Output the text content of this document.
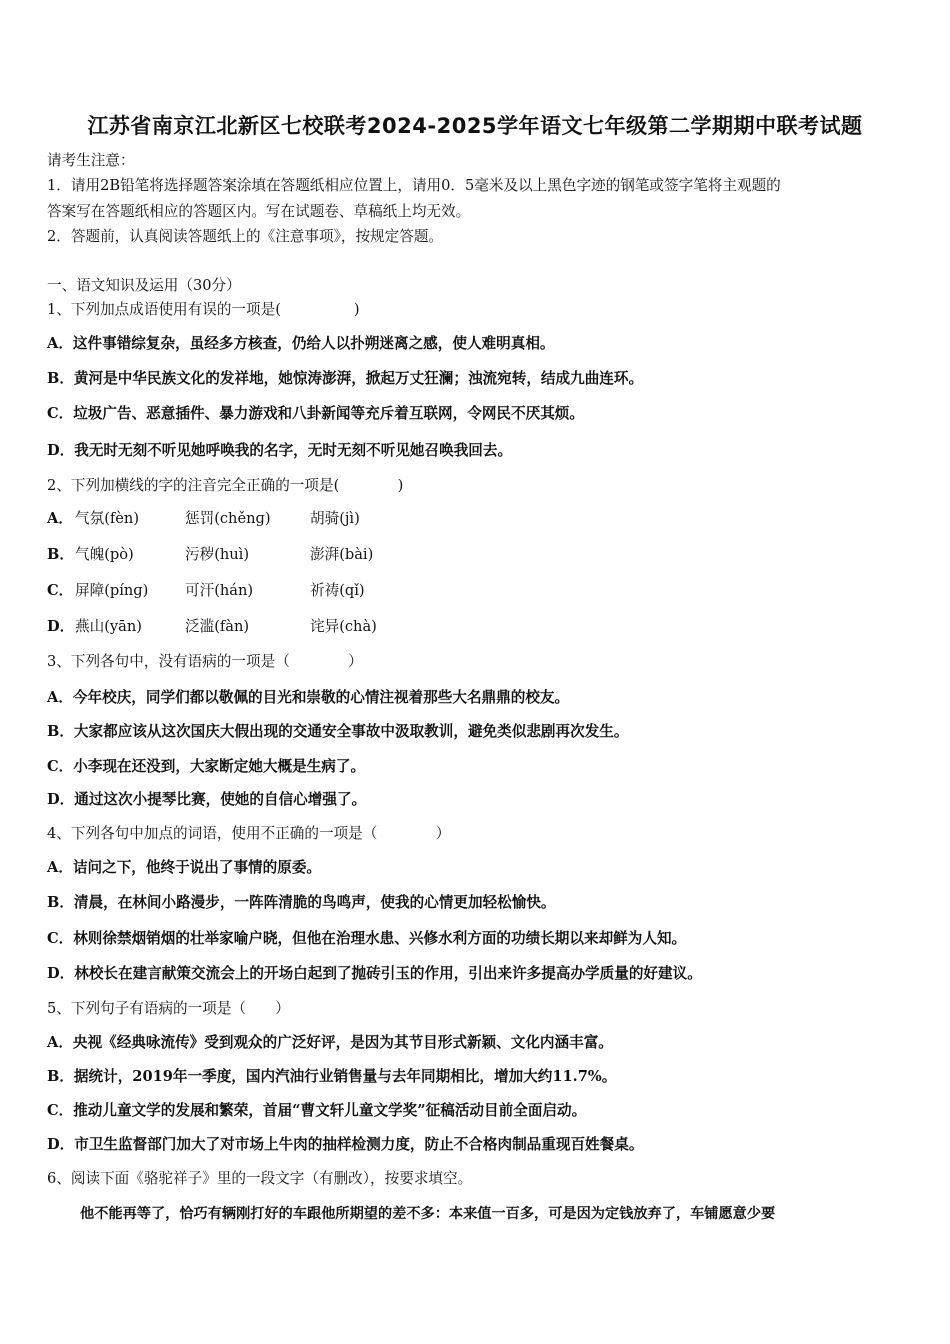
江苏省南京江北新区七校联考2024-2025学年语文七年级第二学期期中联考试题
请考生注意：
1．请用2B铅笔将选择题答案涂填在答题纸相应位置上，请用0．5毫米及以上黑色字迹的钢笔或签字笔将主观题的
答案写在答题纸相应的答题区内。写在试题卷、草稿纸上均无效。
2．答题前，认真阅读答题纸上的《注意事项》，按规定答题。
一、语文知识及运用（30分）
1、下列加点成语使用有误的一项是(　　　　　)
A．这件事错综复杂，虽经多方核查，仍给人以扑朔迷离之感，使人难明真相。
B．黄河是中华民族文化的发祥地，她惊涛澎湃，掀起万丈狂澜；浊流宛转，结成九曲连环。
C．垃圾广告、恶意插件、暴力游戏和八卦新闻等充斥着互联网，令网民不厌其烦。
D．我无时无刻不听见她呼唤我的名字，无时无刻不听见她召唤我回去。
2、下列加横线的字的注音完全正确的一项是(　　　　)
A． 气氛(fèn)	惩罚(chěnɡ)	胡骑(jì)
B．气魄(pò)	污秽(huì)	澎湃(bài)
C． 屏障(pínɡ)	可汗(hán)	祈祷(qǐ)
D．燕山(yān)	泛滥(fàn)	诧异(chà)
3、下列各句中，没有语病的一项是（　　　　）
A．今年校庆，同学们都以敬佩的目光和崇敬的心情注视着那些大名鼎鼎的校友。
B．大家都应该从这次国庆大假出现的交通安全事故中汲取教训，避免类似悲剧再次发生。
C．小李现在还没到，大家断定她大概是生病了。
D．通过这次小提琴比赛，使她的自信心增强了。
4、下列各句中加点的词语，使用不正确的一项是（　　　　）
A．诘问之下，他终于说出了事情的原委。
B．清晨，在林间小路漫步，一阵阵清脆的鸟鸣声，使我的心情更加轻松愉快。
C．林则徐禁烟销烟的壮举家喻户晓，但他在治理水患、兴修水利方面的功绩长期以来却鲜为人知。
D．林校长在建言献策交流会上的开场白起到了抛砖引玉的作用，引出来许多提高办学质量的好建议。
5、下列句子有语病的一项是（　　）
A．央视《经典咏流传》受到观众的广泛好评，是因为其节目形式新颖、文化内涵丰富。
B．据统计，2019年一季度，国内汽油行业销售量与去年同期相比，增加大约11.7%。
C．推动儿童文学的发展和繁荣，首届“曹文轩儿童文学奖”征稿活动目前全面启动。
D．市卫生监督部门加大了对市场上牛肉的抽样检测力度，防止不合格肉制品重现百姓餐桌。
6、阅读下面《骆驼祥子》里的一段文字（有删改），按要求填空。
他不能再等了，恰巧有辆刚打好的车跟他所期望的差不多：本来值一百多，可是因为定钱放弃了，车铺愿意少要
